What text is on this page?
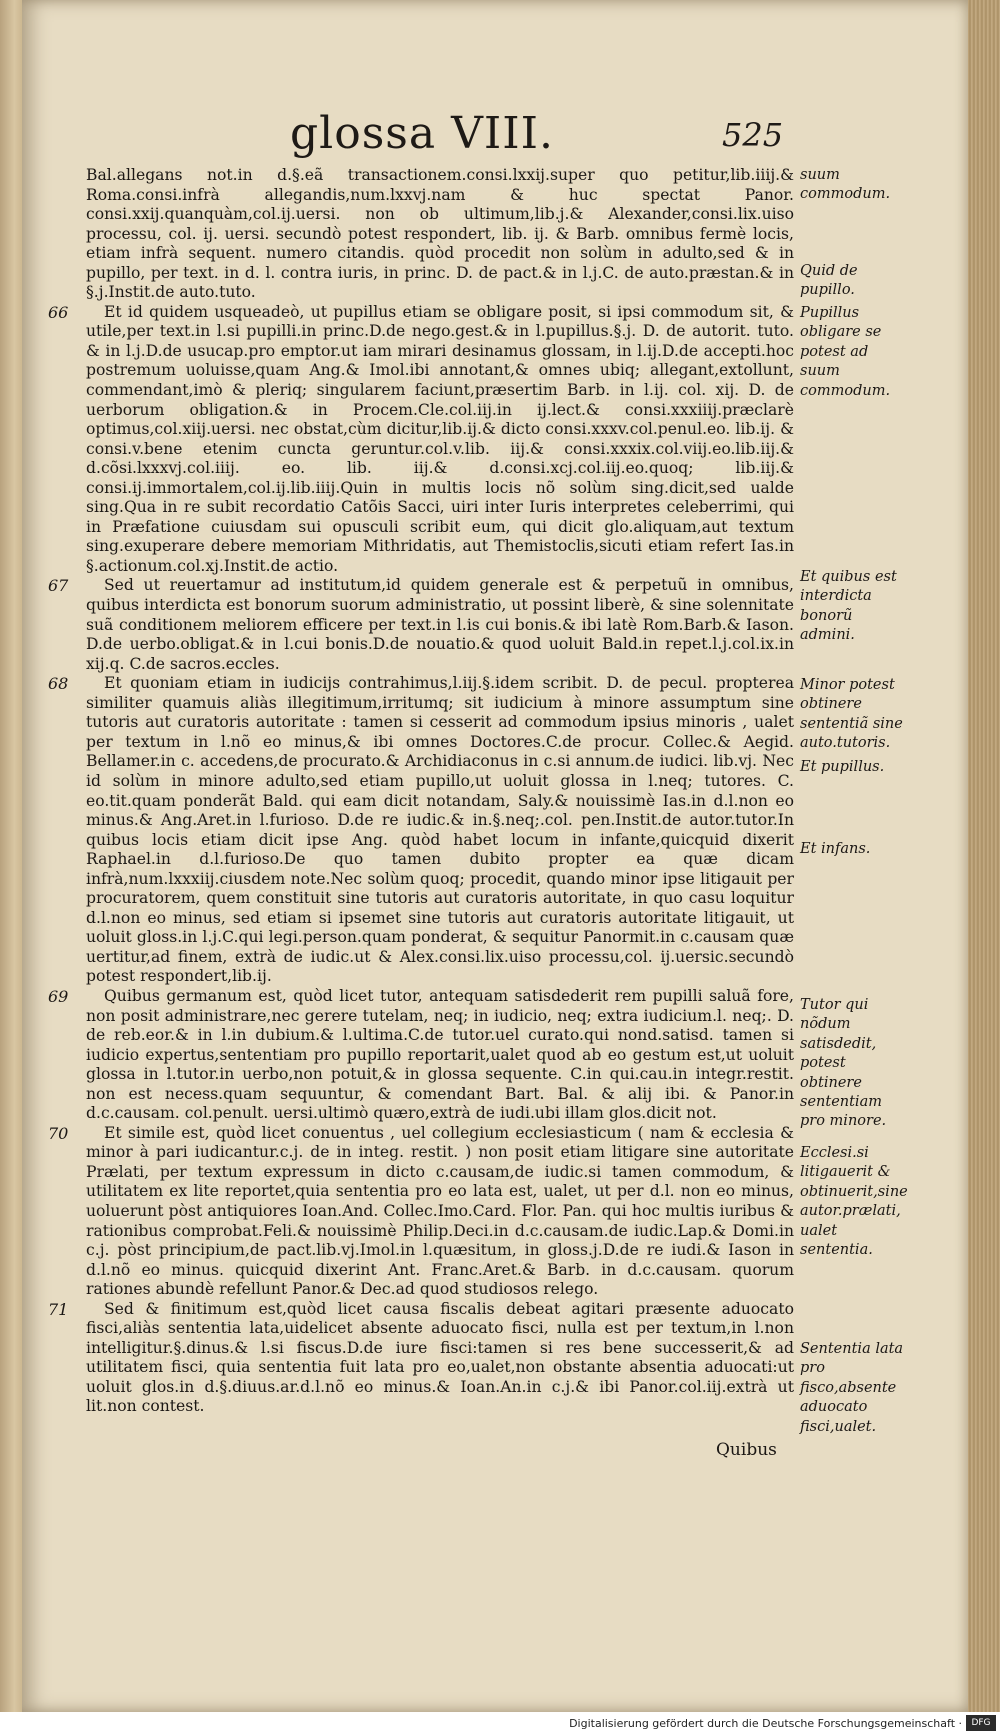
glossa VIII.	525

Bal.allegans not.in d.§.eã transactionem.consi.lxxij.super quo petitur,lib.iiij.& Roma.consi.infrà allegandis,num.lxxvj.nam & huc spectat Panor. consi.xxij.quanquàm,col.ij.uersi. non ob ultimum,lib.j.& Alexander,consi.lix.uiso processu, col. ij. uersi. secundò potest respondert, lib. ij. & Barb. omnibus fermè locis, etiam infrà sequent. numero citandis. quòd procedit non solùm in adulto,sed & in pupillo, per text. in d. l. contra iuris, in princ. D. de pact.& in l.j.C. de auto.præstan.& in §.j.Instit.de auto.tuto.

66	Et id quidem usqueadeò, ut pupillus etiam se obligare posit, si ipsi commodum sit, & utile,per text.in l.si pupilli.in princ.D.de nego.gest.& in l.pupillus.§.j. D. de autorit. tuto. & in l.j.D.de usucap.pro emptor.ut iam mirari desinamus glossam, in l.ij.D.de accepti.hoc postremum uoluisse,quam Ang.& Imol.ibi annotant,& omnes ubiq; allegant,extollunt, commendant,imò & pleriq; singularem faciunt,præsertim Barb. in l.ij. col. xij. D. de uerborum obligation.& in Procem.Cle.col.iij.in ij.lect.& consi.xxxiiij.præclarè optimus,col.xiij.uersi. nec obstat,cùm dicitur,lib.ij.& dicto consi.xxxv.col.penul.eo. lib.ij. & consi.v.bene etenim cuncta geruntur.col.v.lib. iij.& consi.xxxix.col.viij.eo.lib.iij.& d.cõsi.lxxxvj.col.iiij. eo. lib. iij.& d.consi.xcj.col.iij.eo.quoq; lib.iij.& consi.ij.immortalem,col.ij.lib.iiij.Quin in multis locis nõ solùm sing.dicit,sed ualde sing.Qua in re subit recordatio Catõis Sacci, uiri inter Iuris interpretes celeberrimi, qui in Præfatione cuiusdam sui opusculi scribit eum, qui dicit glo.aliquam,aut textum sing.exuperare debere memoriam Mithridatis, aut Themistoclis,sicuti etiam refert Ias.in §.actionum.col.xj.Instit.de actio.

67	Sed ut reuertamur ad institutum,id quidem generale est & perpetuũ in omnibus, quibus interdicta est bonorum suorum administratio, ut possint liberè, & sine solennitate suã conditionem meliorem efficere per text.in l.is cui bonis.& ibi latè Rom.Barb.& Iason. D.de uerbo.obligat.& in l.cui bonis.D.de nouatio.& quod uoluit Bald.in repet.l.j.col.ix.in xij.q. C.de sacros.eccles.

68	Et quoniam etiam in iudicijs contrahimus,l.iij.§.idem scribit. D. de pecul. propterea similiter quamuis aliàs illegitimum,irritumq; sit iudicium à minore assumptum sine tutoris aut curatoris autoritate : tamen si cesserit ad commodum ipsius minoris , ualet per textum in l.nõ eo minus,& ibi omnes Doctores.C.de procur. Collec.& Aegid. Bellamer.in c. accedens,de procurato.& Archidiaconus in c.si annum.de iudici. lib.vj. Nec id solùm in minore adulto,sed etiam pupillo,ut uoluit glossa in l.neq; tutores. C. eo.tit.quam ponderãt Bald. qui eam dicit notandam, Saly.& nouissimè Ias.in d.l.non eo minus.& Ang.Aret.in l.furioso. D.de re iudic.& in.§.neq;.col. pen.Instit.de autor.tutor.In quibus locis etiam dicit ipse Ang. quòd habet locum in infante,quicquid dixerit Raphael.in d.l.furioso.De quo tamen dubito propter ea quæ dicam infrà,num.lxxxiij.ciusdem note.Nec solùm quoq; procedit, quando minor ipse litigauit per procuratorem, quem constituit sine tutoris aut curatoris autoritate, in quo casu loquitur d.l.non eo minus, sed etiam si ipsemet sine tutoris aut curatoris autoritate litigauit, ut uoluit gloss.in l.j.C.qui legi.person.quam ponderat, & sequitur Panormit.in c.causam quæ uertitur,ad finem, extrà de iudic.ut & Alex.consi.lix.uiso processu,col. ij.uersic.secundò potest respondert,lib.ij.

69	Quibus germanum est, quòd licet tutor, antequam satisdederit rem pupilli saluã fore, non posit administrare,nec gerere tutelam, neq; in iudicio, neq; extra iudicium.l. neq;. D. de reb.eor.& in l.in dubium.& l.ultima.C.de tutor.uel curato.qui nond.satisd. tamen si iudicio expertus,sententiam pro pupillo reportarit,ualet quod ab eo gestum est,ut uoluit glossa in l.tutor.in uerbo,non potuit,& in glossa sequente. C.in qui.cau.in integr.restit. non est necess.quam sequuntur, & comendant Bart. Bal. & alij ibi. & Panor.in d.c.causam. col.penult. uersi.ultimò quæro,extrà de iudi.ubi illam glos.dicit not.

70	Et simile est, quòd licet conuentus , uel collegium ecclesiasticum ( nam & ecclesia & minor à pari iudicantur.c.j. de in integ. restit. ) non posit etiam litigare sine autoritate Prælati, per textum expressum in dicto c.causam,de iudic.si tamen commodum, & utilitatem ex lite reportet,quia sententia pro eo lata est, ualet, ut per d.l. non eo minus, uoluerunt pòst antiquiores Ioan.And. Collec.Imo.Card. Flor. Pan. qui hoc multis iuribus & rationibus comprobat.Feli.& nouissimè Philip.Deci.in d.c.causam.de iudic.Lap.& Domi.in c.j. pòst principium,de pact.lib.vj.Imol.in l.quæsitum, in gloss.j.D.de re iudi.& Iason in d.l.nõ eo minus. quicquid dixerint Ant. Franc.Aret.& Barb. in d.c.causam. quorum rationes abundè refellunt Panor.& Dec.ad quod studiosos relego.

71	Sed & finitimum est,quòd licet causa fiscalis debeat agitari præsente aduocato fisci,aliàs sententia lata,uidelicet absente aduocato fisci, nulla est per textum,in l.non intelligitur.§.dinus.& l.si fiscus.D.de iure fisci:tamen si res bene successerit,& ad utilitatem fisci, quia sententia fuit lata pro eo,ualet,non obstante absentia aduocati:ut uoluit glos.in d.§.diuus.ar.d.l.nõ eo minus.& Ioan.An.in c.j.& ibi Panor.col.iij.extrà ut lit.non contest.

suum commodum.
Quid de pupillo.
Pupillus obligare se potest ad suum commodum.
Et quibus est interdicta bonorũ admini.
Minor potest obtinere sententiã sine auto.tutoris.
Et pupillus.
Et infans.
Tutor qui nõdum satisdedit, potest obtinere sententiam pro minore.
Ecclesi.si litigauerit & obtinuerit,sine autor.prælati, ualet sententia.
Sententia lata pro fisco,absente aduocato fisci,ualet.
Quibus
Digitalisierung gefördert durch die Deutsche Forschungsgemeinschaft ·	DFG
